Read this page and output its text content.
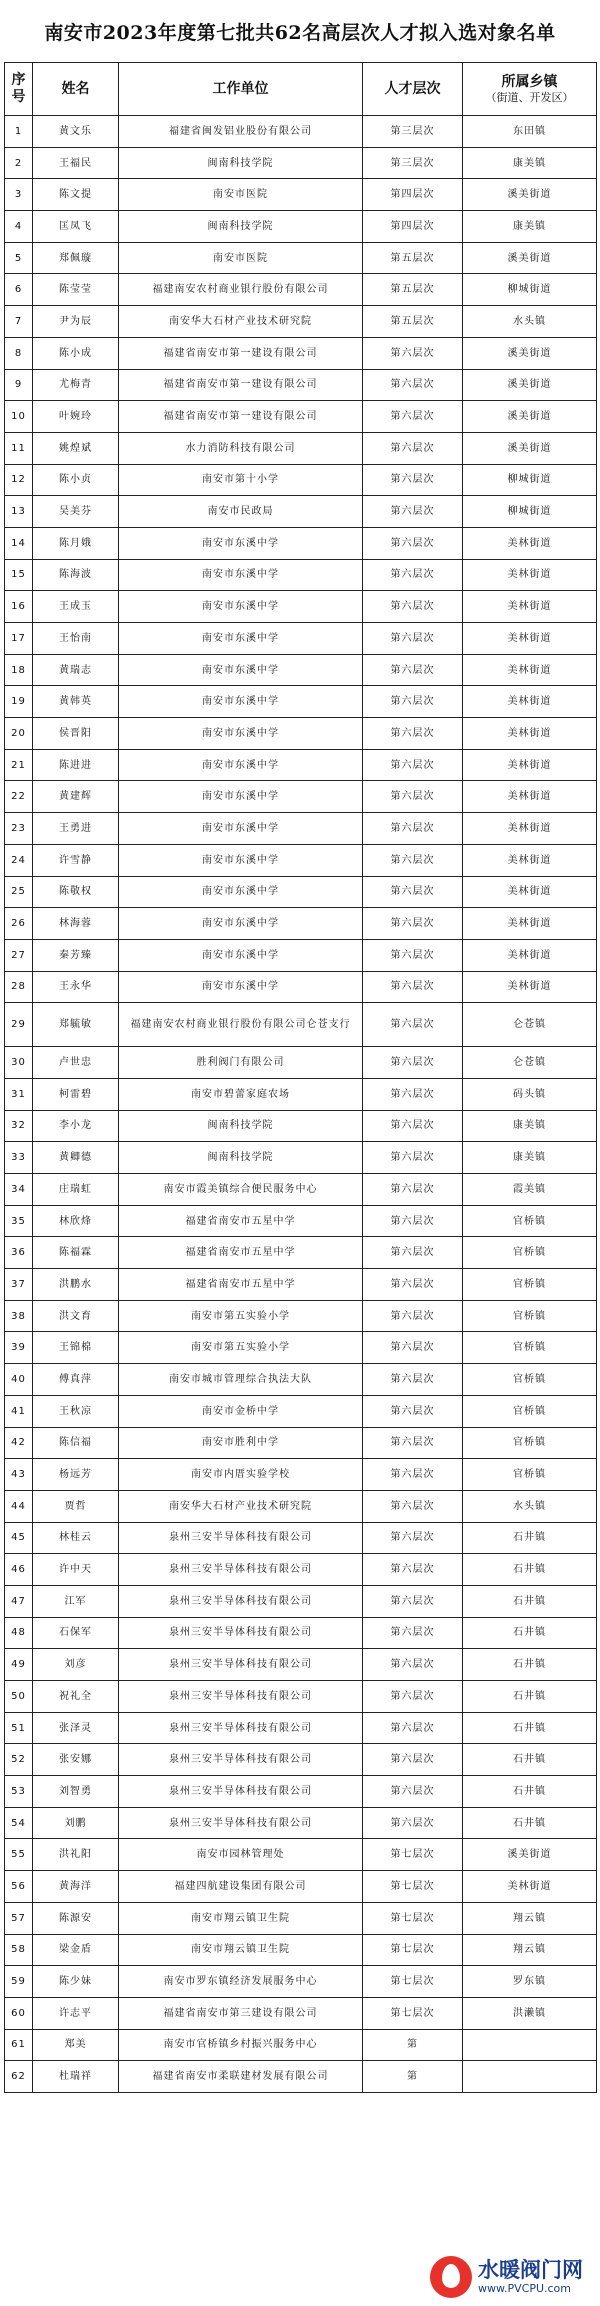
南安市2023年度第七批共62名高层次人才拟入选对象名单
序号	姓名	工作单位	人才层次	所属乡镇
（街道、开发区）

1	黄文乐	福建省闽发铝业股份有限公司	第三层次	东田镇
2	王福民	闽南科技学院	第三层次	康美镇
3	陈文提	南安市医院	第四层次	溪美街道
4	匡凤飞	闽南科技学院	第四层次	康美镇
5	郑佩璇	南安市医院	第五层次	溪美街道
6	陈莹莹	福建南安农村商业银行股份有限公司	第五层次	柳城街道
7	尹为辰	南安华大石材产业技术研究院	第五层次	水头镇
8	陈小成	福建省南安市第一建设有限公司	第六层次	溪美街道
9	尤梅青	福建省南安市第一建设有限公司	第六层次	溪美街道
10	叶婉玲	福建省南安市第一建设有限公司	第六层次	溪美街道
11	姚煌斌	水力消防科技有限公司	第六层次	溪美街道
12	陈小贞	南安市第十小学	第六层次	柳城街道
13	吴美芬	南安市民政局	第六层次	柳城街道
14	陈月娥	南安市东溪中学	第六层次	美林街道
15	陈海波	南安市东溪中学	第六层次	美林街道
16	王成玉	南安市东溪中学	第六层次	美林街道
17	王怡南	南安市东溪中学	第六层次	美林街道
18	黄瑞志	南安市东溪中学	第六层次	美林街道
19	黄韩英	南安市东溪中学	第六层次	美林街道
20	侯晋阳	南安市东溪中学	第六层次	美林街道
21	陈进进	南安市东溪中学	第六层次	美林街道
22	黄建辉	南安市东溪中学	第六层次	美林街道
23	王勇进	南安市东溪中学	第六层次	美林街道
24	许雪静	南安市东溪中学	第六层次	美林街道
25	陈敬权	南安市东溪中学	第六层次	美林街道
26	林海蓉	南安市东溪中学	第六层次	美林街道
27	秦芳臻	南安市东溪中学	第六层次	美林街道
28	王永华	南安市东溪中学	第六层次	美林街道
29	郑毓敏	福建南安农村商业银行股份有限公司仑苍支行	第六层次	仑苍镇
30	卢世忠	胜利阀门有限公司	第六层次	仑苍镇
31	柯雷碧	南安市碧蕾家庭农场	第六层次	码头镇
32	李小龙	闽南科技学院	第六层次	康美镇
33	黄卿德	闽南科技学院	第六层次	康美镇
34	庄瑞虹	南安市霞美镇综合便民服务中心	第六层次	霞美镇
35	林欣烽	福建省南安市五星中学	第六层次	官桥镇
36	陈福霖	福建省南安市五星中学	第六层次	官桥镇
37	洪鹏水	福建省南安市五星中学	第六层次	官桥镇
38	洪文育	南安市第五实验小学	第六层次	官桥镇
39	王锦棉	南安市第五实验小学	第六层次	官桥镇
40	傅真萍	南安市城市管理综合执法大队	第六层次	官桥镇
41	王秋凉	南安市金桥中学	第六层次	官桥镇
42	陈信福	南安市胜利中学	第六层次	官桥镇
43	杨远芳	南安市内厝实验学校	第六层次	官桥镇
44	贾哲	南安华大石材产业技术研究院	第六层次	水头镇
45	林桂云	泉州三安半导体科技有限公司	第六层次	石井镇
46	许中天	泉州三安半导体科技有限公司	第六层次	石井镇
47	江军	泉州三安半导体科技有限公司	第六层次	石井镇
48	石保军	泉州三安半导体科技有限公司	第六层次	石井镇
49	刘彦	泉州三安半导体科技有限公司	第六层次	石井镇
50	祝礼全	泉州三安半导体科技有限公司	第六层次	石井镇
51	张泽灵	泉州三安半导体科技有限公司	第六层次	石井镇
52	张安娜	泉州三安半导体科技有限公司	第六层次	石井镇
53	刘智勇	泉州三安半导体科技有限公司	第六层次	石井镇
54	刘鹏	泉州三安半导体科技有限公司	第六层次	石井镇
55	洪礼阳	南安市园林管理处	第七层次	溪美街道
56	黄海洋	福建四航建设集团有限公司	第七层次	美林街道
57	陈源安	南安市翔云镇卫生院	第七层次	翔云镇
58	梁金盾	南安市翔云镇卫生院	第七层次	翔云镇
59	陈少妹	南安市罗东镇经济发展服务中心	第七层次	罗东镇
60	许志平	福建省南安市第三建设有限公司	第七层次	洪濑镇
61	郑美	南安市官桥镇乡村振兴服务中心	第	
62	杜瑞祥	福建省南安市柔联建材发展有限公司	第	
水暖阀门网
www.PVCPU.com
